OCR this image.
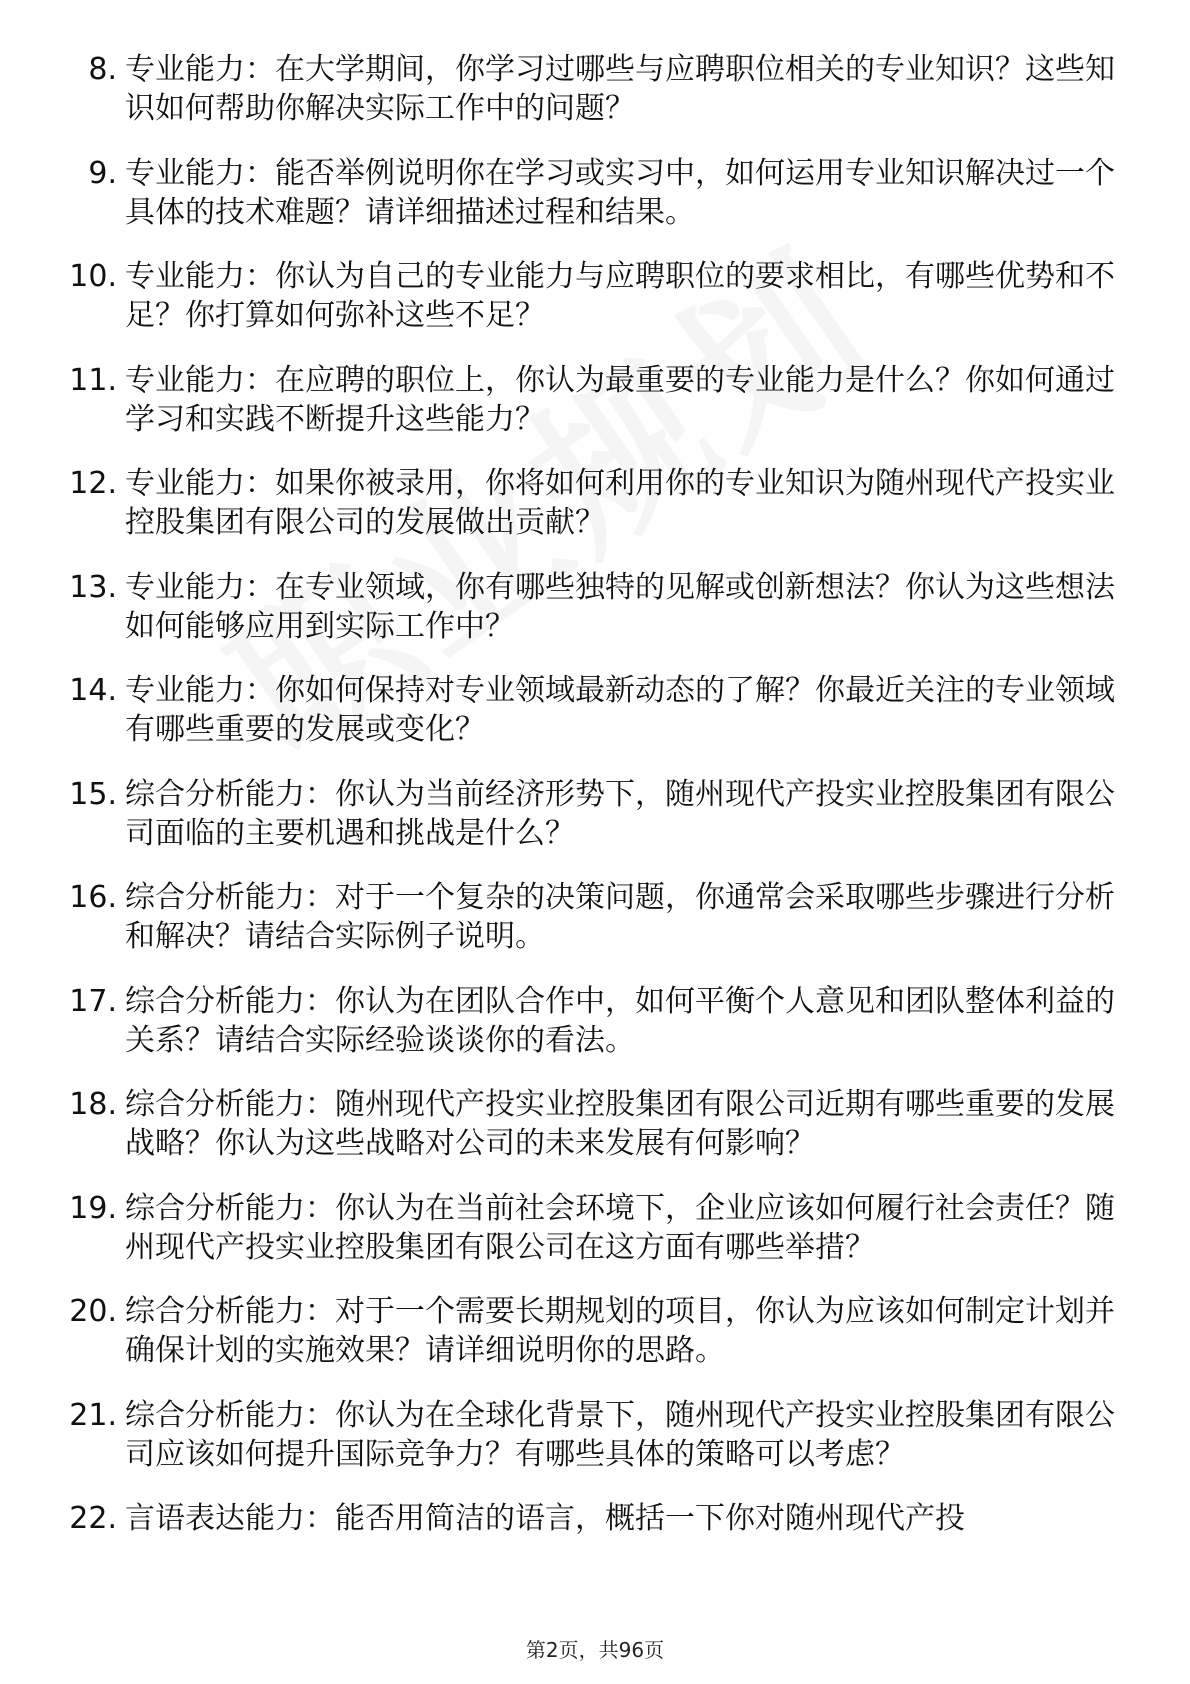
8. 专业能力：在大学期间，你学习过哪些与应聘职位相关的专业知识？这些知识如何帮助你解决实际工作中的问题？
9. 专业能力：能否举例说明你在学习或实习中，如何运用专业知识解决过一个具体的技术难题？请详细描述过程和结果。
10. 专业能力：你认为自己的专业能力与应聘职位的要求相比，有哪些优势和不足？你打算如何弥补这些不足？
11. 专业能力：在应聘的职位上，你认为最重要的专业能力是什么？你如何通过学习和实践不断提升这些能力？
12. 专业能力：如果你被录用，你将如何利用你的专业知识为随州现代产投实业控股集团有限公司的发展做出贡献？
13. 专业能力：在专业领域，你有哪些独特的见解或创新想法？你认为这些想法如何能够应用到实际工作中？
14. 专业能力：你如何保持对专业领域最新动态的了解？你最近关注的专业领域有哪些重要的发展或变化？
15. 综合分析能力：你认为当前经济形势下，随州现代产投实业控股集团有限公司面临的主要机遇和挑战是什么？
16. 综合分析能力：对于一个复杂的决策问题，你通常会采取哪些步骤进行分析和解决？请结合实际例子说明。
17. 综合分析能力：你认为在团队合作中，如何平衡个人意见和团队整体利益的关系？请结合实际经验谈谈你的看法。
18. 综合分析能力：随州现代产投实业控股集团有限公司近期有哪些重要的发展战略？你认为这些战略对公司的未来发展有何影响？
19. 综合分析能力：你认为在当前社会环境下，企业应该如何履行社会责任？随州现代产投实业控股集团有限公司在这方面有哪些举措？
20. 综合分析能力：对于一个需要长期规划的项目，你认为应该如何制定计划并确保计划的实施效果？请详细说明你的思路。
21. 综合分析能力：你认为在全球化背景下，随州现代产投实业控股集团有限公司应该如何提升国际竞争力？有哪些具体的策略可以考虑？
22. 言语表达能力：能否用简洁的语言，概括一下你对随州现代产投
第2页，共96页
